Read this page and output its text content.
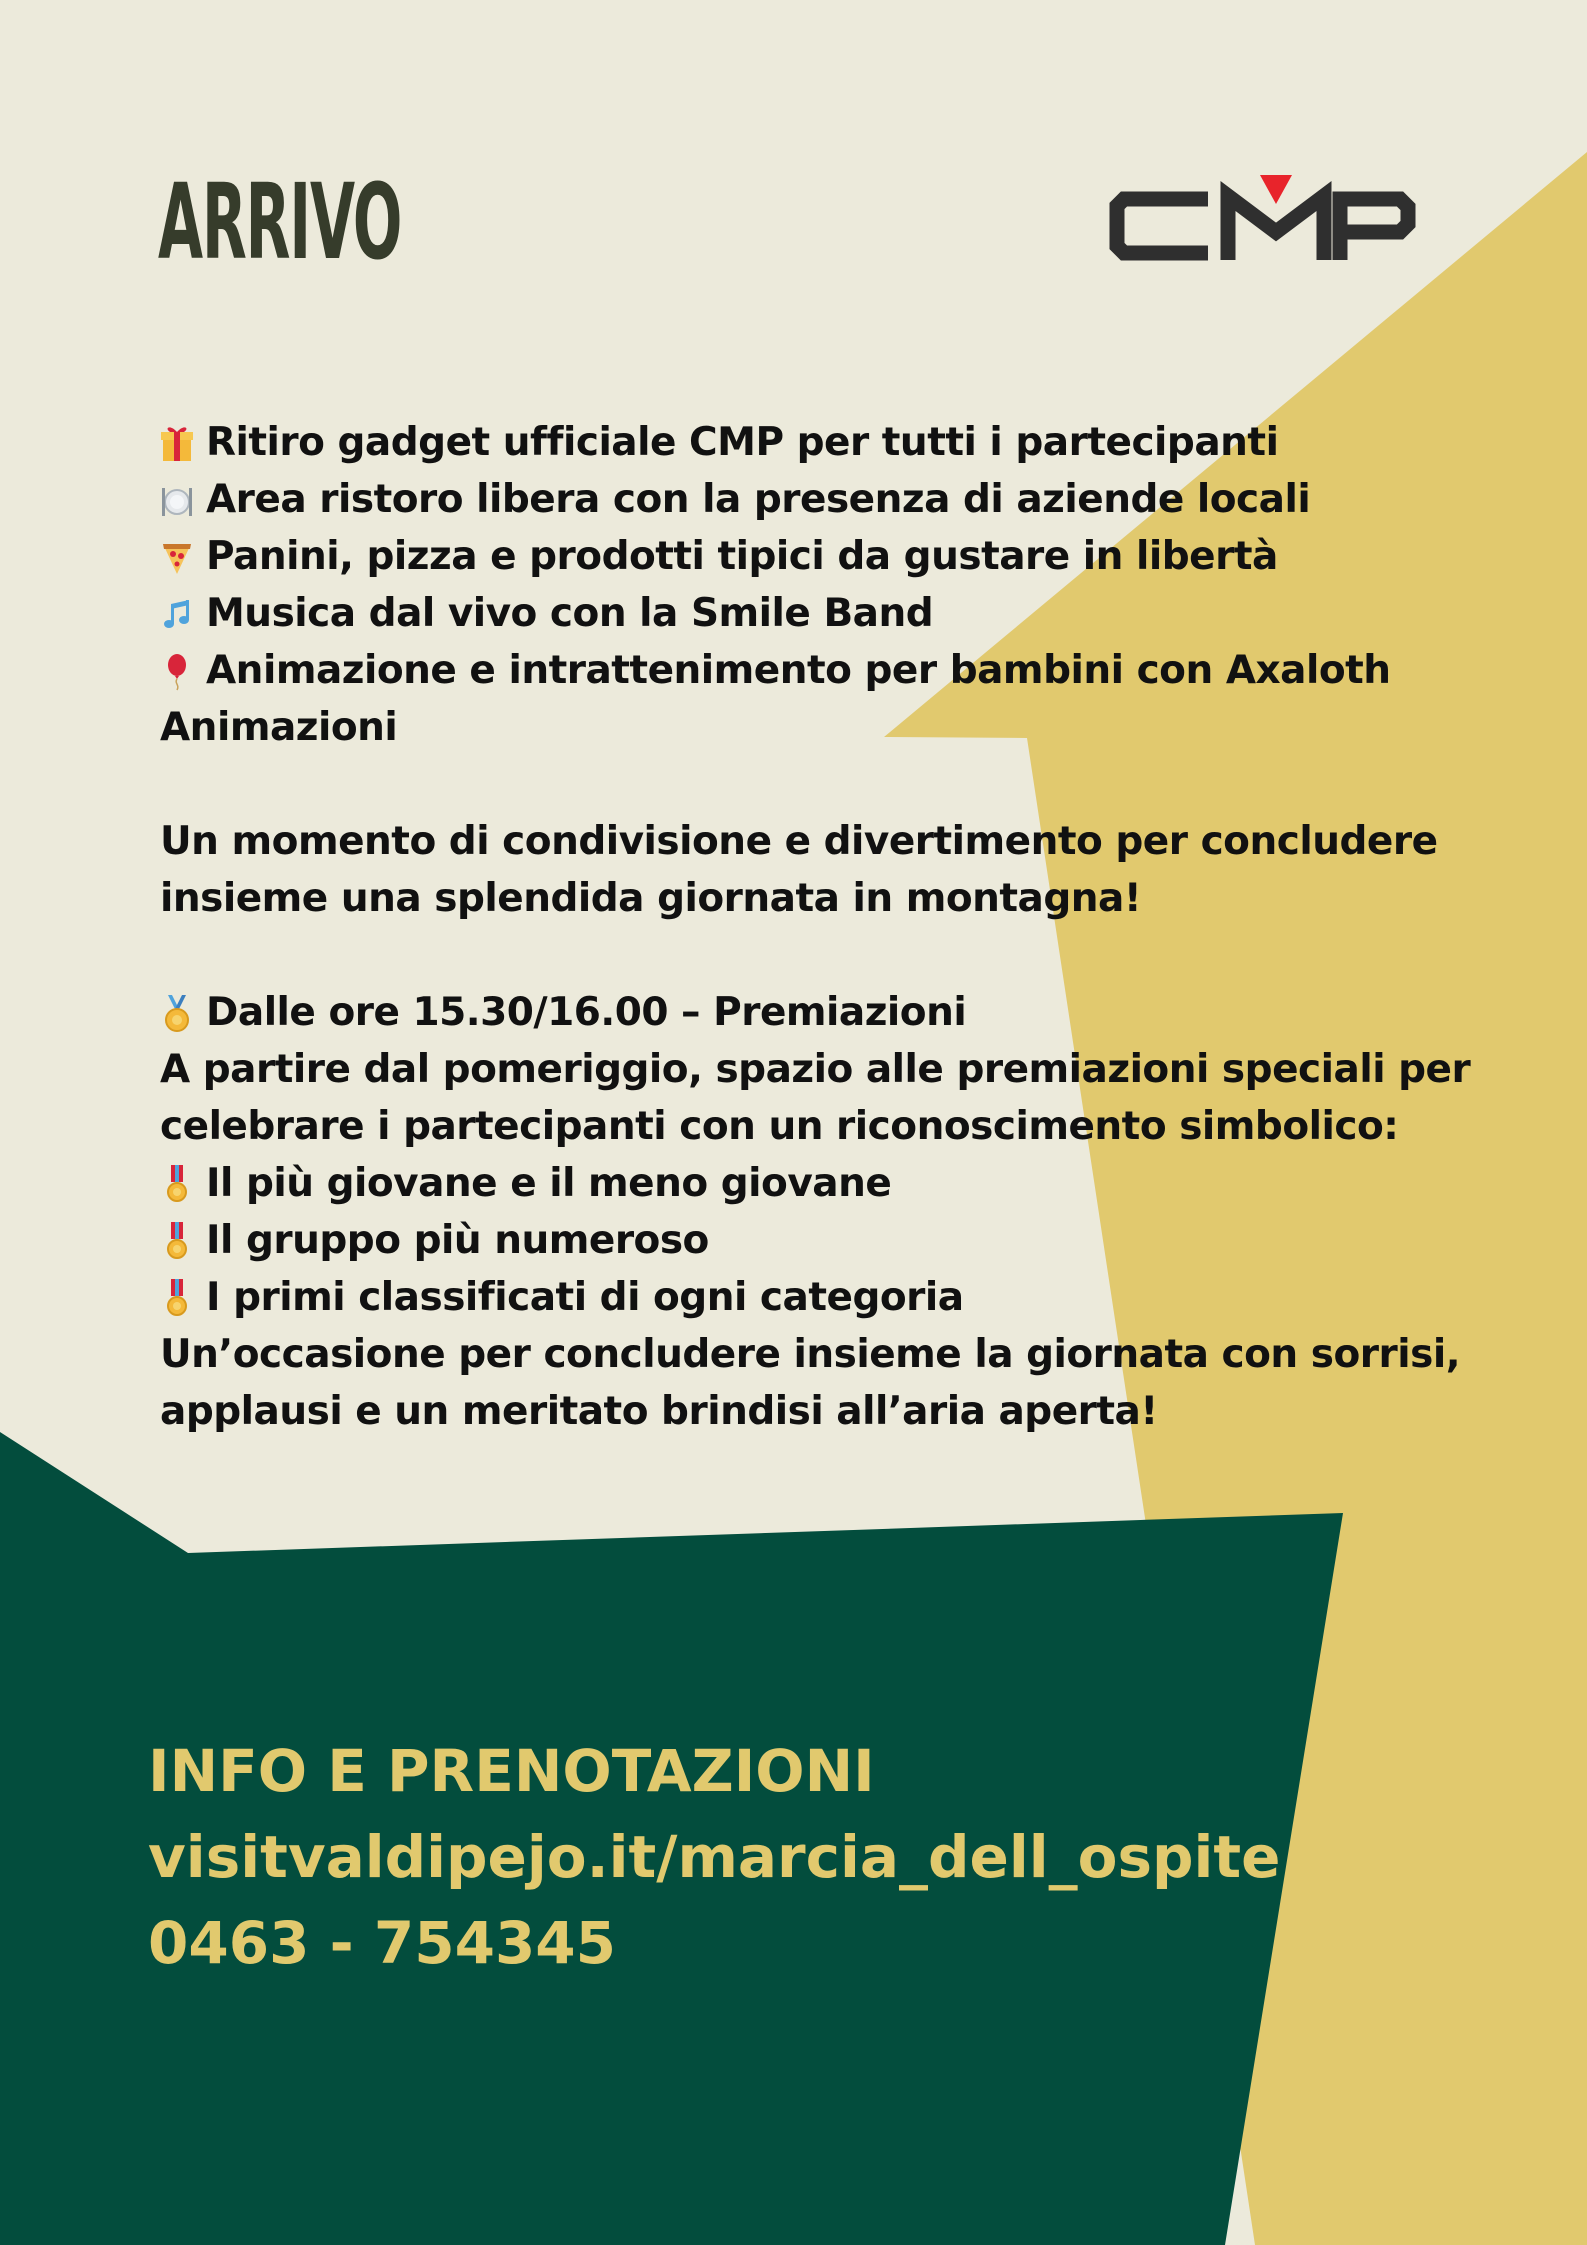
ARRIVO
Ritiro gadget ufficiale CMP per tutti i partecipanti
Area ristoro libera con la presenza di aziende locali
Panini, pizza e prodotti tipici da gustare in libertà
Musica dal vivo con la Smile Band
Animazione e intrattenimento per bambini con Axaloth
Animazioni
Un momento di condivisione e divertimento per concludere
insieme una splendida giornata in montagna!
Dalle ore 15.30/16.00 – Premiazioni
A partire dal pomeriggio, spazio alle premiazioni speciali per
celebrare i partecipanti con un riconoscimento simbolico:
Il più giovane e il meno giovane
Il gruppo più numeroso
I primi classificati di ogni categoria
Un’occasione per concludere insieme la giornata con sorrisi,
applausi e un meritato brindisi all’aria aperta!
INFO E PRENOTAZIONI
visitvaldipejo.it/marcia_dell_ospite
0463 - 754345
